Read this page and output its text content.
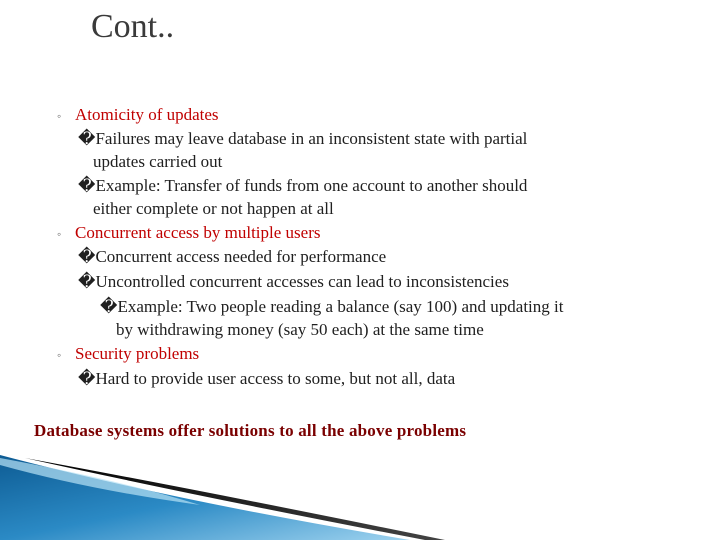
Cont..
◦ Atomicity of updates
�Failures may leave database in an inconsistent state with partial
updates carried out
�Example: Transfer of funds from one account to another should
either complete or not happen at all
◦ Concurrent access by multiple users
�Concurrent access needed for performance
�Uncontrolled concurrent accesses can lead to inconsistencies
�Example: Two people reading a balance (say 100) and updating it
by withdrawing money (say 50 each) at the same time
◦ Security problems
�Hard to provide user access to some, but not all, data
Database systems offer solutions to all the above problems
